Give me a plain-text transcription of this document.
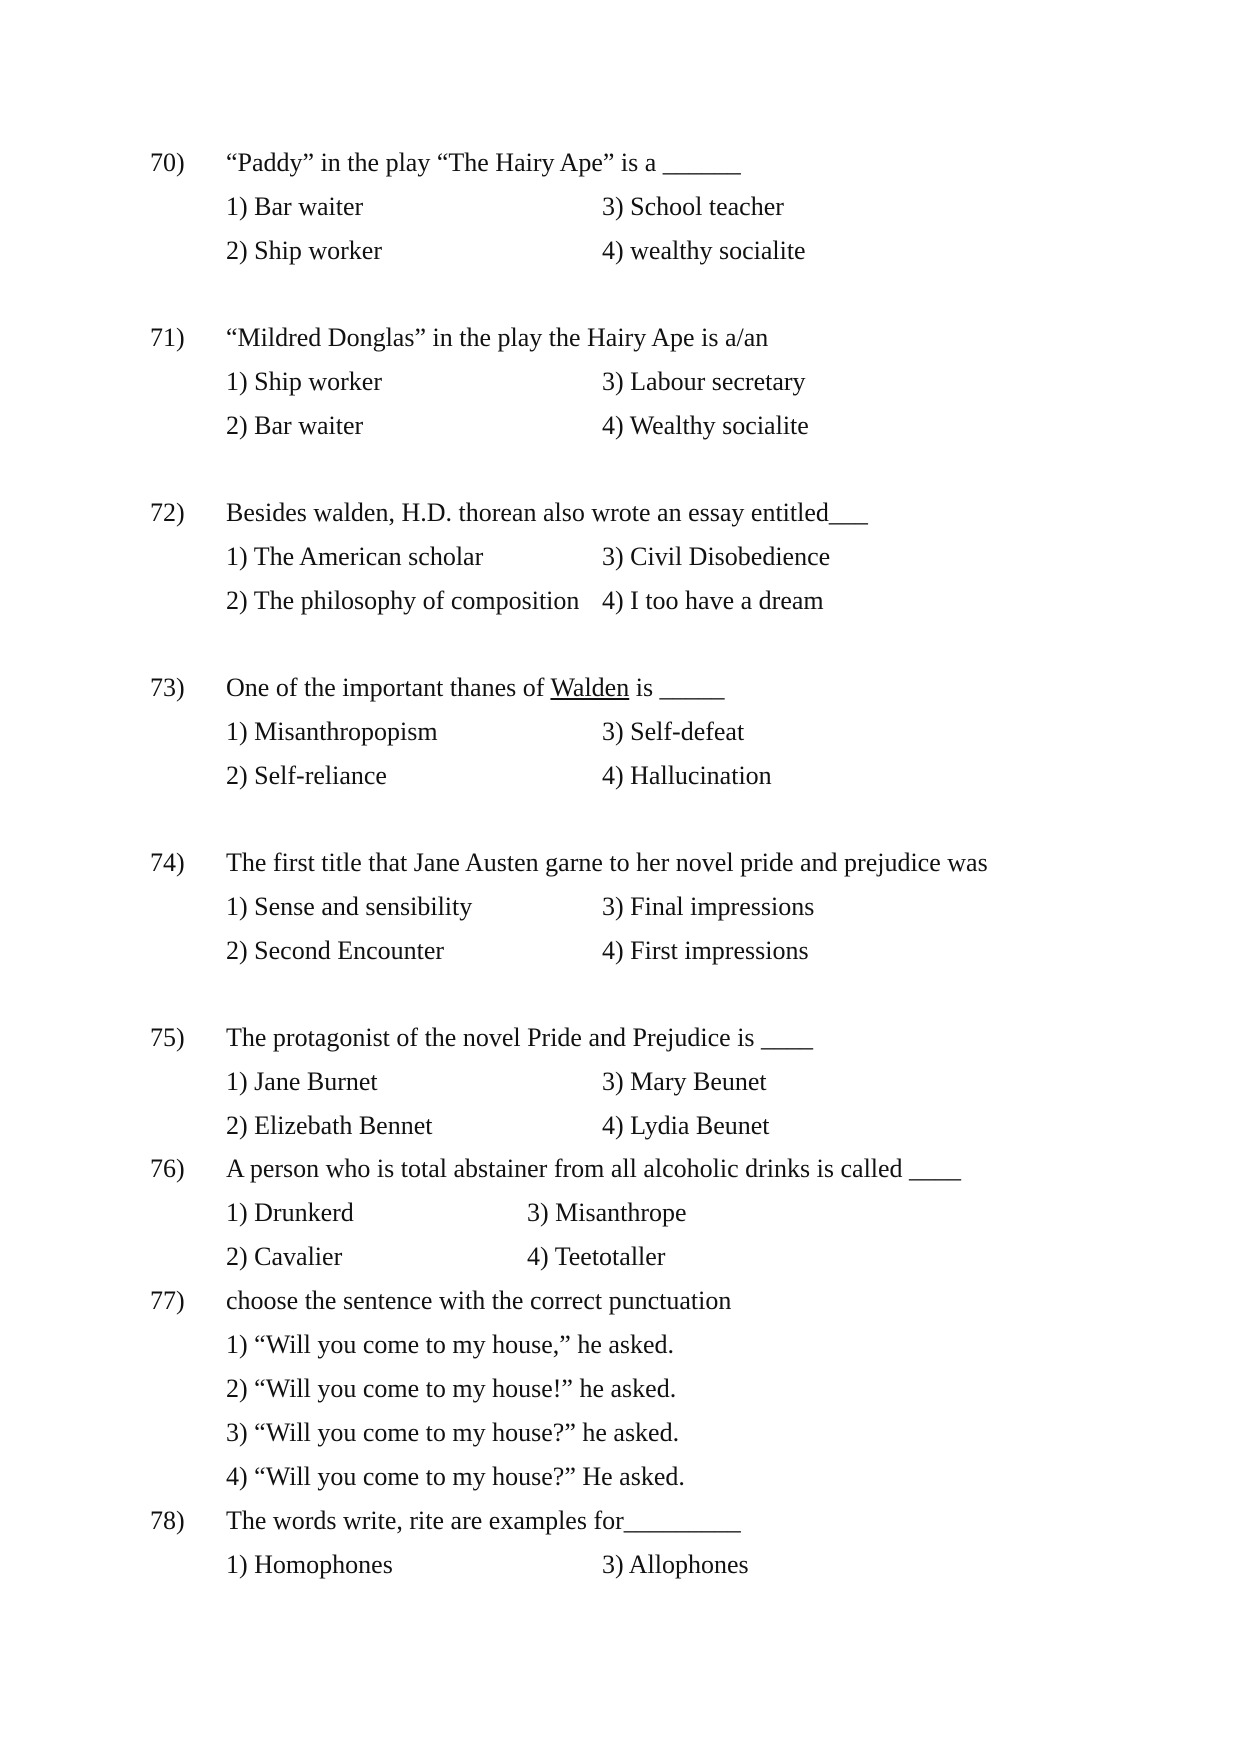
70) “Paddy” in the play “The Hairy Ape” is a ______
1) Bar waiter	3) School teacher
2) Ship worker	4) wealthy socialite
71) “Mildred Donglas” in the play the Hairy Ape is a/an
1) Ship worker	3) Labour secretary
2) Bar waiter	4) Wealthy socialite
72) Besides walden, H.D. thorean also wrote an essay entitled___
1) The American scholar	3) Civil Disobedience
2) The philosophy of composition 4) I too have a dream
73) One of the important thanes of Walden is _____
1) Misanthropopism	3) Self-defeat
2) Self-reliance	4) Hallucination
74) The first title that Jane Austen garne to her novel pride and prejudice was
1) Sense and sensibility	3) Final impressions
2) Second Encounter	4) First impressions
75) The protagonist of the novel Pride and Prejudice is ____
1) Jane Burnet	3) Mary Beunet
2) Elizebath Bennet	4) Lydia Beunet
76) A person who is total abstainer from all alcoholic drinks is called ____
1) Drunkerd	3) Misanthrope
2) Cavalier	4) Teetotaller
77) choose the sentence with the correct punctuation
1) “Will you come to my house,” he asked.
2) “Will you come to my house!” he asked.
3) “Will you come to my house?” he asked.
4) “Will you come to my house?” He asked.
78) The words write, rite are examples for_________
1) Homophones	3) Allophones
